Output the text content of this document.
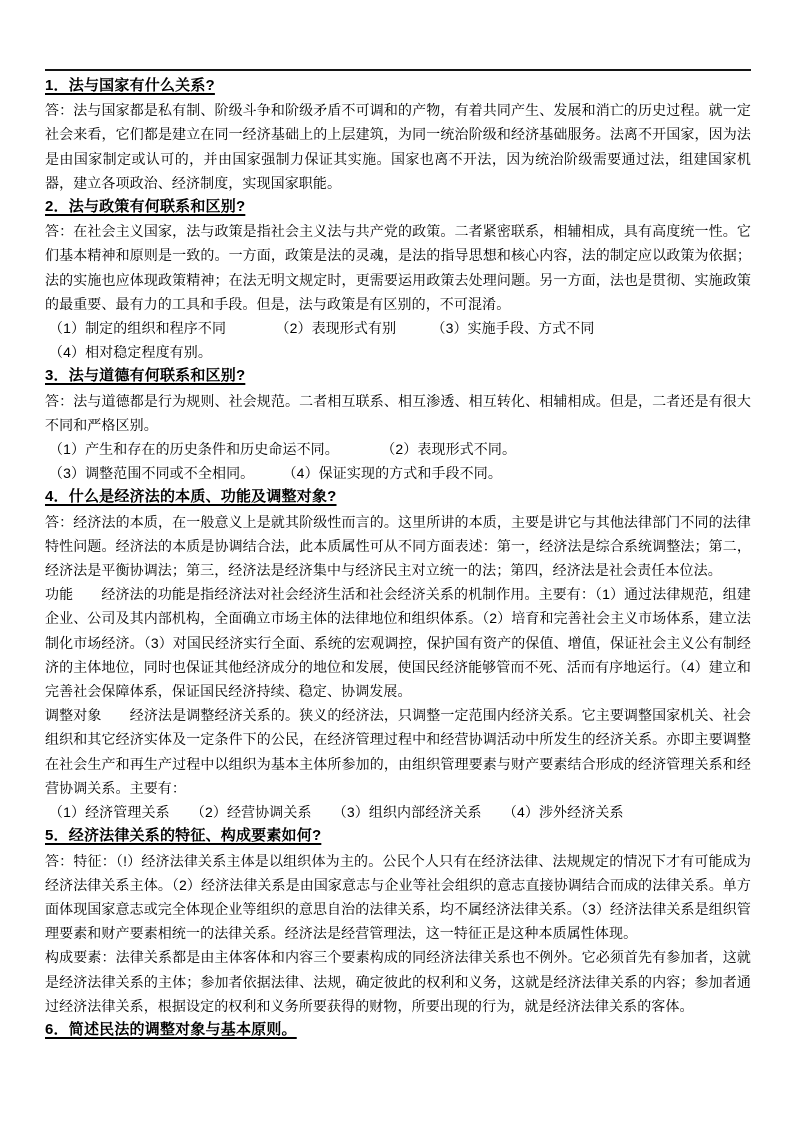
1．法与国家有什么关系?

答：法与国家都是私有制、阶级斗争和阶级矛盾不可调和的产物，有着共同产生、发展和消亡的历史过程。就一定社会来看，它们都是建立在同一经济基础上的上层建筑，为同一统治阶级和经济基础服务。法离不开国家，因为法是由国家制定或认可的，并由国家强制力保证其实施。国家也离不开法，因为统治阶级需要通过法，组建国家机器，建立各项政治、经济制度，实现国家职能。

2．法与政策有何联系和区别?

答：在社会主义国家，法与政策是指社会主义法与共产党的政策。二者紧密联系，相辅相成，具有高度统一性。它们基本精神和原则是一致的。一方面，政策是法的灵魂，是法的指导思想和核心内容，法的制定应以政策为依据；法的实施也应体现政策精神；在法无明文规定时，更需要运用政策去处理问题。另一方面，法也是贯彻、实施政策的最重要、最有力的工具和手段。但是，法与政策是有区别的，不可混淆。

（1）制定的组织和程序不同　　　　（2）表现形式有别　　　（3）实施手段、方式不同

（4）相对稳定程度有别。

3．法与道德有何联系和区别?

答：法与道德都是行为规则、社会规范。二者相互联系、相互渗透、相互转化、相辅相成。但是，二者还是有很大不同和严格区别。

（1）产生和存在的历史条件和历史命运不同。　　　　（2）表现形式不同。

（3）调整范围不同或不全相同。　　　（4）保证实现的方式和手段不同。

4．什么是经济法的本质、功能及调整对象?

答：经济法的本质，在一般意义上是就其阶级性而言的。这里所讲的本质，主要是讲它与其他法律部门不同的法律特性问题。经济法的本质是协调结合法，此本质属性可从不同方面表述：第一，经济法是综合系统调整法；第二，经济法是平衡协调法；第三，经济法是经济集中与经济民主对立统一的法；第四，经济法是社会责任本位法。

功能　　经济法的功能是指经济法对社会经济生活和社会经济关系的机制作用。主要有：（1）通过法律规范，组建企业、公司及其内部机构，全面确立市场主体的法律地位和组织体系。（2）培育和完善社会主义市场体系，建立法制化市场经济。（3）对国民经济实行全面、系统的宏观调控，保护国有资产的保值、增值，保证社会主义公有制经济的主体地位，同时也保证其他经济成分的地位和发展，使国民经济能够管而不死、活而有序地运行。（4）建立和完善社会保障体系，保证国民经济持续、稳定、协调发展。

调整对象　　经济法是调整经济关系的。狭义的经济法，只调整一定范围内经济关系。它主要调整国家机关、社会组织和其它经济实体及一定条件下的公民，在经济管理过程中和经营协调活动中所发生的经济关系。亦即主要调整在社会生产和再生产过程中以组织为基本主体所参加的，由组织管理要素与财产要素结合形成的经济管理关系和经营协调关系。主要有：

（1）经济管理关系　　（2）经营协调关系　　（3）组织内部经济关系　　（4）涉外经济关系

5．经济法律关系的特征、构成要素如何?

答：特征：（!）经济法律关系主体是以组织体为主的。公民个人只有在经济法律、法规规定的情况下才有可能成为经济法律关系主体。（2）经济法律关系是由国家意志与企业等社会组织的意志直接协调结合而成的法律关系。单方面体现国家意志或完全体现企业等组织的意思自治的法律关系，均不属经济法律关系。（3）经济法律关系是组织管理要素和财产要素相统一的法律关系。经济法是经营管理法，这一特征正是这种本质属性体现。

构成要素：法律关系都是由主体客体和内容三个要素构成的同经济法律关系也不例外。它必须首先有参加者，这就是经济法律关系的主体；参加者依据法律、法规，确定彼此的权利和义务，这就是经济法律关系的内容；参加者通过经济法律关系，根据设定的权利和义务所要获得的财物，所要出现的行为，就是经济法律关系的客体。

6．简述民法的调整对象与基本原则。
